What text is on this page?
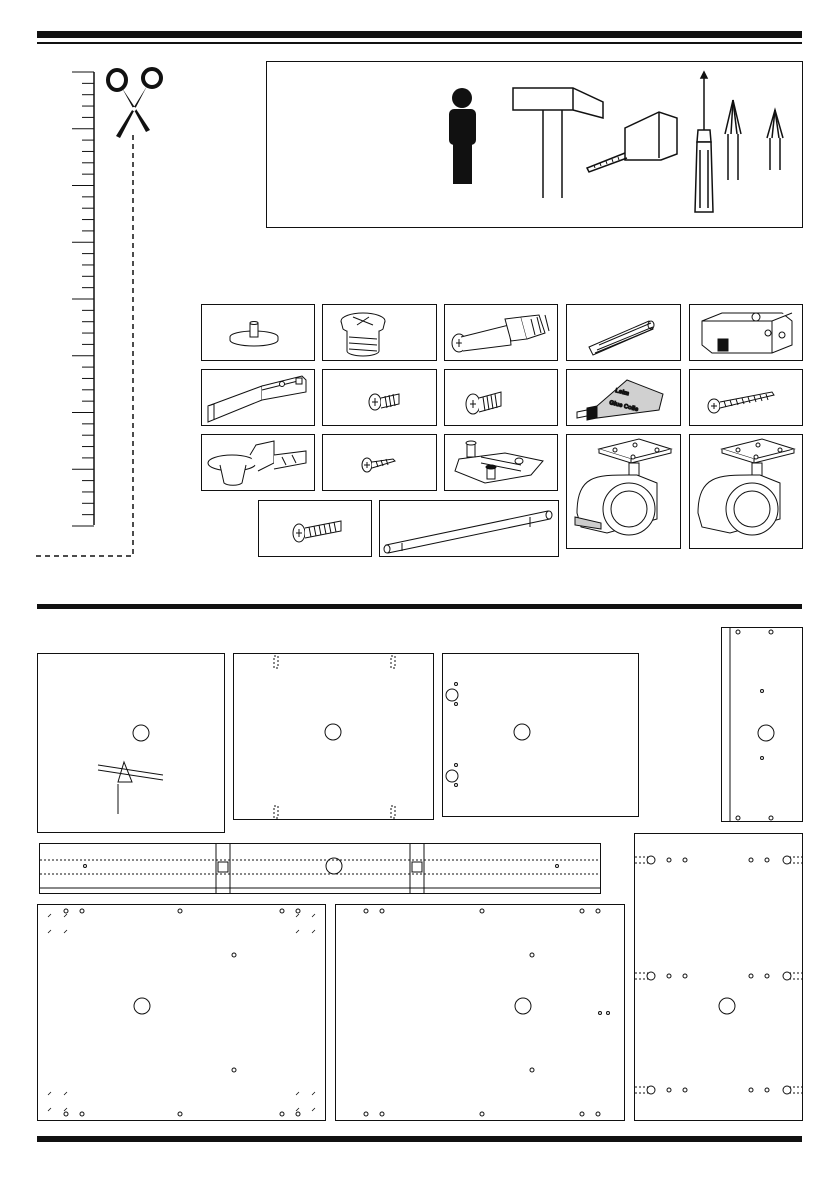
Leim
Glue Colle
